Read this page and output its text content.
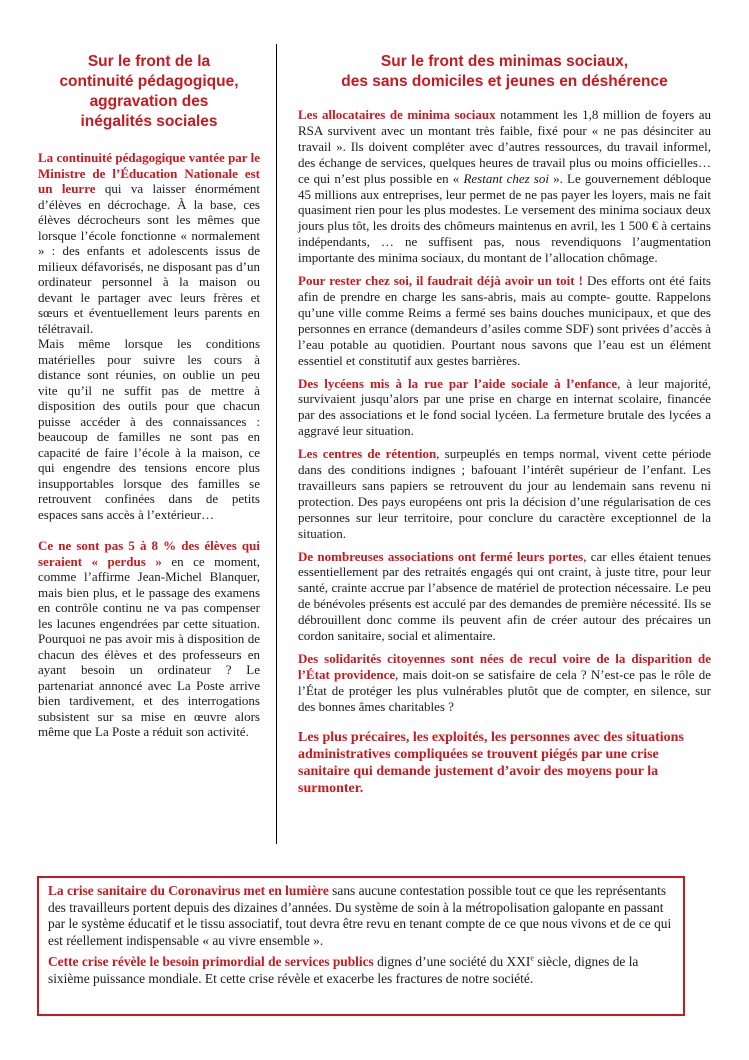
Sur le front de la
continuité pédagogique,
aggravation des
inégalités sociales

La continuité pédagogique vantée par le Ministre de l’Éducation Nationale est un leurre qui va laisser énormément d’élèves en décrochage. À la base, ces élèves décrocheurs sont les mêmes que lorsque l’école fonctionne « normalement » : des enfants et adolescents issus de milieux défavorisés, ne disposant pas d’un ordinateur personnel à la maison ou devant le partager avec leurs frères et sœurs et éventuellement leurs parents en télétravail.

Mais même lorsque les conditions matérielles pour suivre les cours à distance sont réunies, on oublie un peu vite qu’il ne suffit pas de mettre à disposition des outils pour que chacun puisse accéder à des connaissances : beaucoup de familles ne sont pas en capacité de faire l’école à la maison, ce qui engendre des tensions encore plus insupportables lorsque des familles se retrouvent confinées dans de petits espaces sans accès à l’extérieur…

Ce ne sont pas 5 à 8 % des élèves qui seraient « perdus » en ce moment, comme l’affirme Jean-Michel Blanquer, mais bien plus, et le passage des examens en contrôle continu ne va pas compenser les lacunes engendrées par cette situation. Pourquoi ne pas avoir mis à disposition de chacun des élèves et des professeurs en ayant besoin un ordinateur ? Le partenariat annoncé avec La Poste arrive bien tardivement, et des interrogations subsistent sur sa mise en œuvre alors même que La Poste a réduit son activité.

Sur le front des minimas sociaux,
des sans domiciles et jeunes en déshérence

Les allocataires de minima sociaux notamment les 1,8 million de foyers au RSA survivent avec un montant très faible, fixé pour « ne pas désinciter au travail ». Ils doivent compléter avec d’autres ressources, du travail informel, des échange de services, quelques heures de travail plus ou moins officielles… ce qui n’est plus possible en « Restant chez soi ». Le gouvernement débloque 45 millions aux entreprises, leur permet de ne pas payer les loyers, mais ne fait quasiment rien pour les plus modestes. Le versement des minima sociaux deux jours plus tôt, les droits des chômeurs maintenus en avril, les 1 500 € à certains indépendants, … ne suffisent pas, nous revendiquons l’augmentation importante des minima sociaux, du montant de l’allocation chômage.

Pour rester chez soi, il faudrait déjà avoir un toit ! Des efforts ont été faits afin de prendre en charge les sans-abris, mais au compte- goutte. Rappelons qu’une ville comme Reims a fermé ses bains douches municipaux, et que des personnes en errance (demandeurs d’asiles comme SDF) sont privées d’accès à l’eau potable au quotidien. Pourtant nous savons que l’eau est un élément essentiel et constitutif aux gestes barrières.

Des lycéens mis à la rue par l’aide sociale à l’enfance, à leur majorité, survivaient jusqu’alors par une prise en charge en internat scolaire, financée par des associations et le fond social lycéen. La fermeture brutale des lycées a aggravé leur situation.

Les centres de rétention, surpeuplés en temps normal, vivent cette période dans des conditions indignes ; bafouant l’intérêt supérieur de l’enfant. Les travailleurs sans papiers se retrouvent du jour au lendemain sans revenu ni protection. Des pays européens ont pris la décision d’une régularisation de ces personnes sur leur territoire, pour conclure du caractère exceptionnel de la situation.

De nombreuses associations ont fermé leurs portes, car elles étaient tenues essentiellement par des retraités engagés qui ont craint, à juste titre, pour leur santé, crainte accrue par l’absence de matériel de protection nécessaire. Le peu de bénévoles présents est acculé par des demandes de première nécessité. Ils se débrouillent donc comme ils peuvent afin de créer autour des précaires un cordon sanitaire, social et alimentaire.

Des solidarités citoyennes sont nées de recul voire de la disparition de l’État providence, mais doit-on se satisfaire de cela ? N’est-ce pas le rôle de l’État de protéger les plus vulnérables plutôt que de compter, en silence, sur des bonnes âmes charitables ?

Les plus précaires, les exploités, les personnes avec des situations administratives compliquées se trouvent piégés par une crise sanitaire qui demande justement d’avoir des moyens pour la surmonter.

La crise sanitaire du Coronavirus met en lumière sans aucune contestation possible tout ce que les représentants des travailleurs portent depuis des dizaines d’années. Du système de soin à la métropolisation galopante en passant par le système éducatif et le tissu associatif, tout devra être revu en tenant compte de ce que nous vivons et de ce qui est réellement indispensable « au vivre ensemble ».

Cette crise révèle le besoin primordial de services publics dignes d’une société du XXIe siècle, dignes de la sixième puissance mondiale. Et cette crise révèle et exacerbe les fractures de notre société.
